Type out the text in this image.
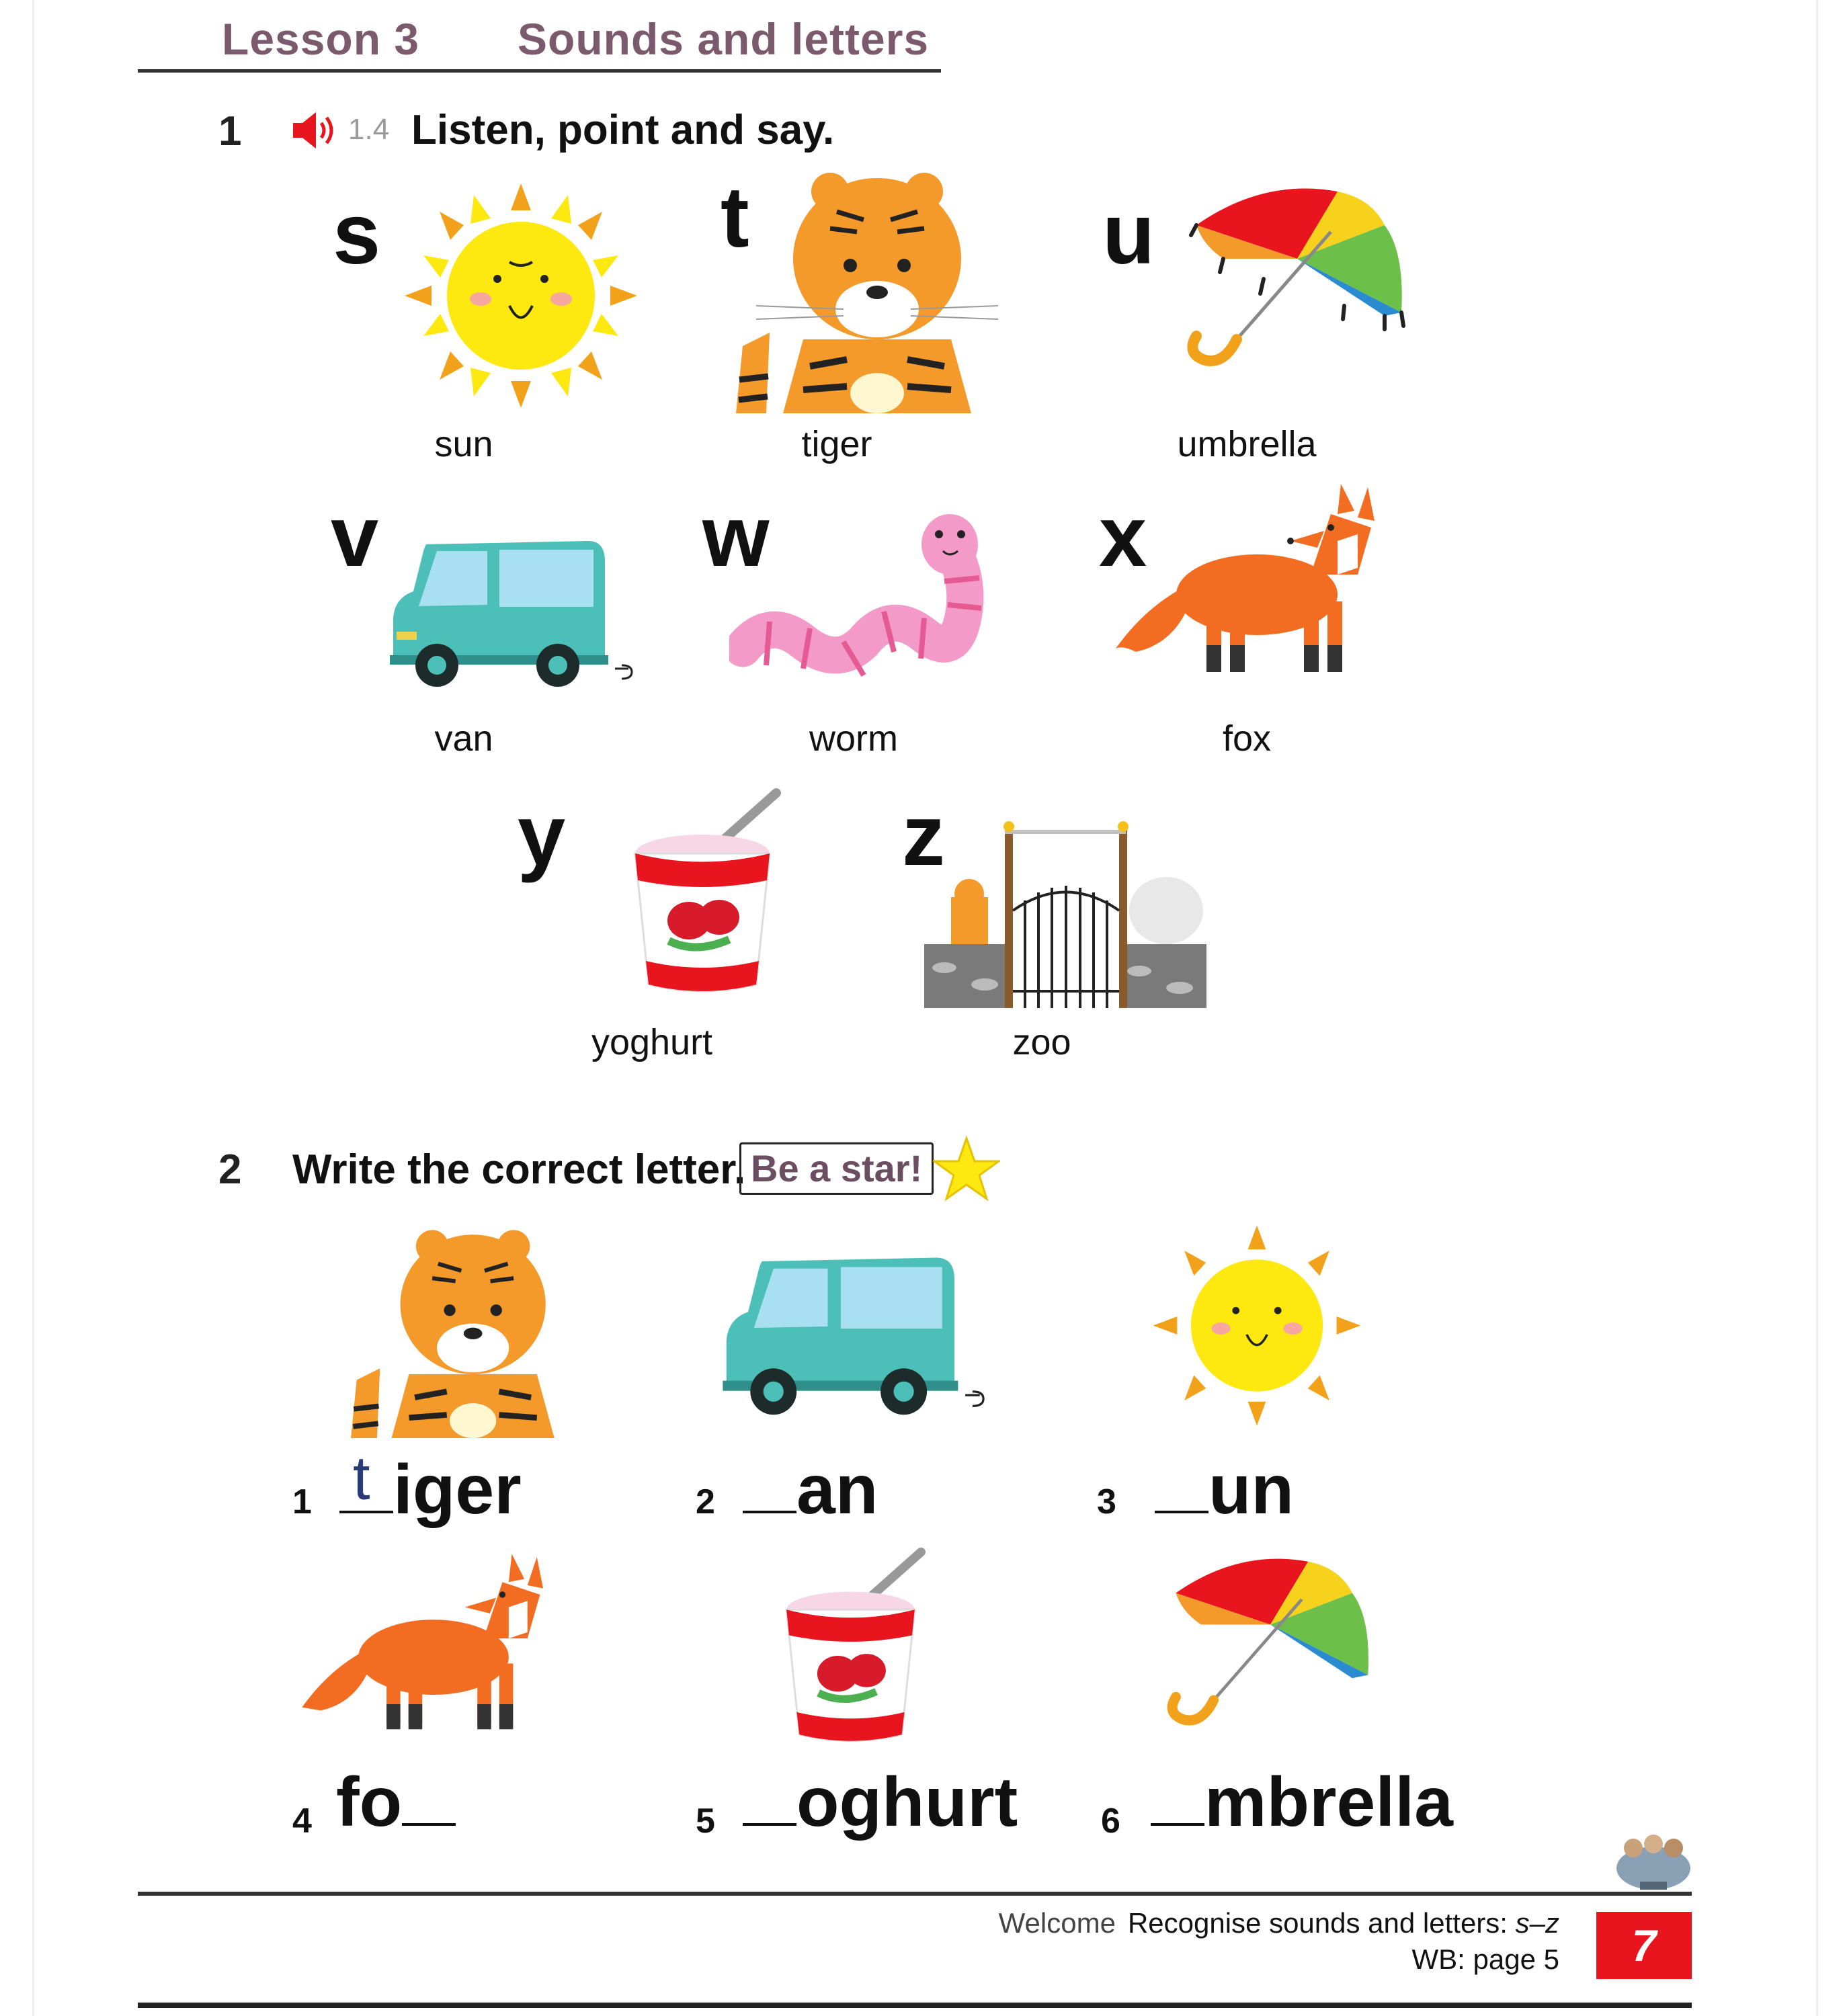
Lesson 3 Sounds and letters
1	1.4 Listen, point and say.
s
sun
t
tiger
u
umbrella
v
van
w
worm
x
fox
y
yoghurt
z
zoo
2 Write the correct letter. Be a star!
1 t iger	2	an	3	un
4 fo	5	oghurt 6	mbrella
Welcome Recognise sounds and letters: s–z
WB: page 5	7
